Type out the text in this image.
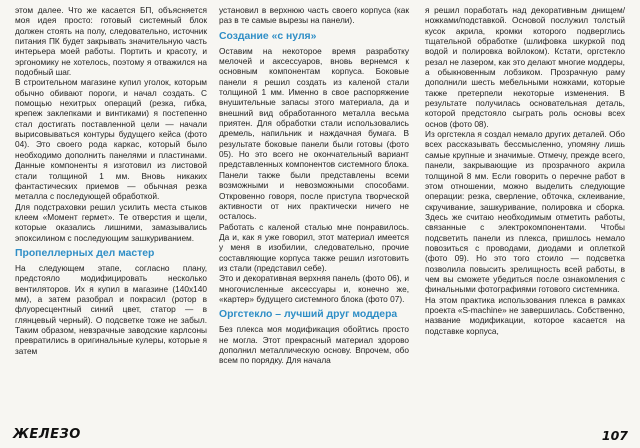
этом далее. Что же касается БП, объясняется моя идея просто: готовый системный блок должен стоять на полу, следовательно, источник питания ПК будет закрывать значительную часть интерьера моей работы. Портить и красоту, и эргономику не хотелось, поэтому я отважился на подобный шаг.

В строительном магазине купил уголок, которым обычно обивают пороги, и начал создать. С помощью нехитрых операций (резка, гибка, крепеж заклепками и винтиками) я постепенно стал достигать поставленной цели — начали вырисовываться контуры будущего кейса (фото 04). Это своего рода каркас, который было необходимо дополнить панелями и пластинами. Данные компоненты я изготовил из листовой стали толщиной 1 мм. Вновь никаких фантастических приемов — обычная резка металла с последующей обработкой.

Для подстраховки решил усилить места стыков клеем «Момент гермет». Те отверстия и щели, которые оказались лишними, замазывались эпоксилином с последующим зашкуриванием.

Пропеллерных дел мастер

На следующем этапе, согласно плану, предстояло модифицировать несколько вентиляторов. Их я купил в магазине (140х140 мм), а затем разобрал и покрасил (ротор в флуоресцентный синий цвет, статор — в глянцевый черный). О подсветке тоже не забыл. Таким образом, невзрачные заводские карлсоны превратились в оригинальные кулеры, которые я затем

установил в верхнюю часть своего корпуса (как раз в те самые вырезы на панели).

Создание «с нуля»

Оставим на некоторое время разработку мелочей и аксессуаров, вновь вернемся к основным компонентам корпуса. Боковые панели я решил создать из каленой стали толщиной 1 мм. Именно в свое распоряжение внушительные запасы этого материала, да и внешний вид обработанного металла весьма приятен. Для обработки стали использовались дремель, напильник и наждачная бумага. В результате боковые панели были готовы (фото 05). Но это всего не окончательный вариант представленных компонентов системного блока. Панели также были представлены всеми возможными и невозможными способами. Откровенно говоря, после приступа творческой активности от них практически ничего не осталось.

Работать с каленой сталью мне понравилось. Да и, как я уже говорил, этот материал имеется у меня в изобилии, следовательно, прочие составляющие корпуса также решил изготовить из стали (представил себе).

Это и декоративная верхняя панель (фото 06), и многочисленные аксессуары и, конечно же, «картер» будущего системного блока (фото 07).

Оргстекло – лучший друг моддера

Без плекса моя модификация обойтись просто не могла. Этот прекрасный материал здорово дополнил металлическую основу. Впрочем, обо всем по порядку. Для начала

я решил поработать над декоративным днищем/ножками/подставкой. Основой послужил толстый кусок акрила, кромки которого подверглись тщательной обработке (шлифовка шкуркой под водой и полировка войлоком). Кстати, оргстекло резал не лазером, как это делают многие моддеры, а обыкновенным лобзиком. Прозрачную раму дополнили шесть мебельными ножками, которые также претерпели некоторые изменения. В результате получилась основательная деталь, которой предстояло сыграть роль основы всех основ (фото 08).

Из оргстекла я создал немало других деталей. Обо всех рассказывать бессмысленно, упомяну лишь самые крупные и значимые. Отмечу, прежде всего, панели, закрывающие из прозрачного акрила толщиной 8 мм. Если говорить о перечне работ в этом отношении, можно выделить следующие операции: резка, сверление, обточка, склеивание, скручивание, зашкуривание, полировка и сборка. Здесь же считаю необходимым отметить работы, связанные с электрокомпонентами. Чтобы подсветить панели из плекса, пришлось немало повозиться с проводами, диодами и оплеткой (фото 09). Но это того стоило — подсветка позволила повысить зрелищность всей работы, в чем вы сможете убедиться после ознакомления с финальными фотографиями готового системника.

На этом практика использования плекса в рамках проекта «S-machine» не завершилась. Собственно, название модификации, которое касается на подставке корпуса,

ЖЕЛЕЗО	107
